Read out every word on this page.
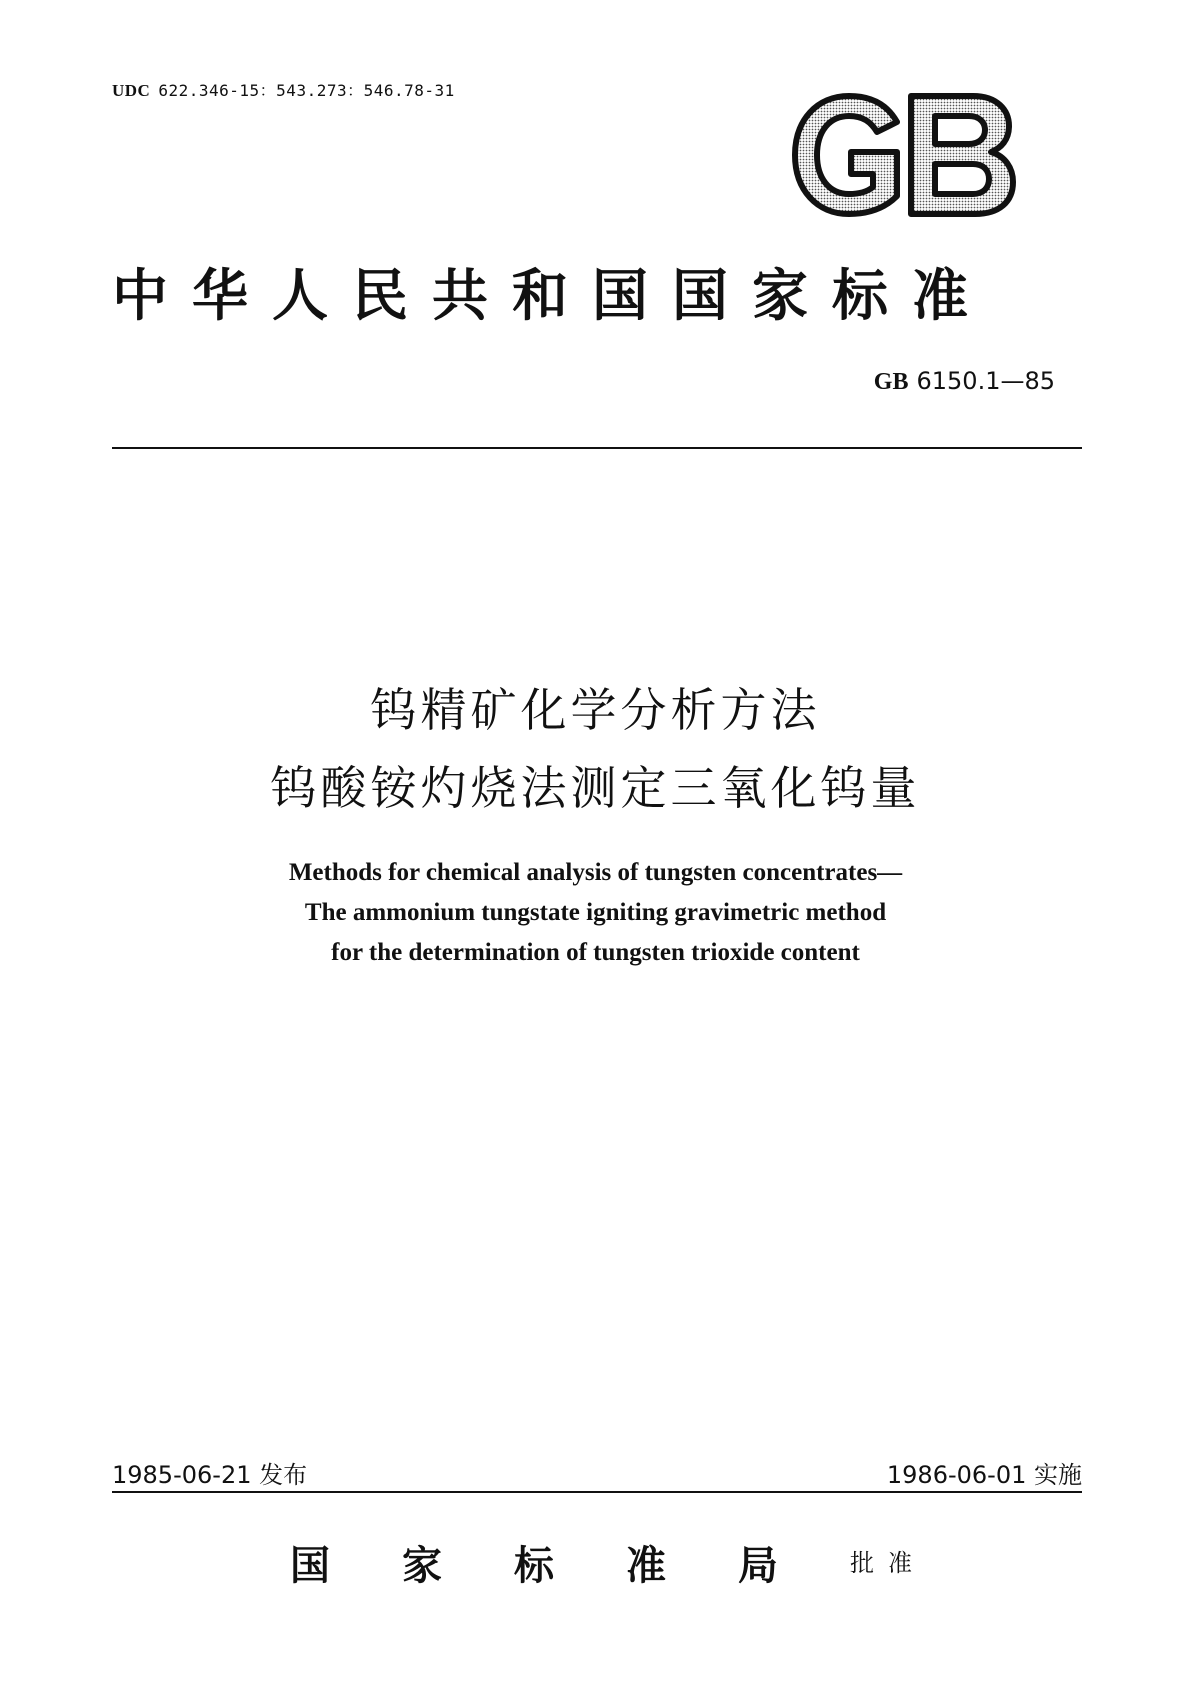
UDC 622.346-15：543.273：546.78-31
中华人民共和国国家标准
GB 6150.1—85
钨精矿化学分析方法
钨酸铵灼烧法测定三氧化钨量
Methods for chemical analysis of tungsten concentrates—
The ammonium tungstate igniting gravimetric method
for the determination of tungsten trioxide content
1985-06-21 发布	1986-06-01 实施
国家标准局批准
